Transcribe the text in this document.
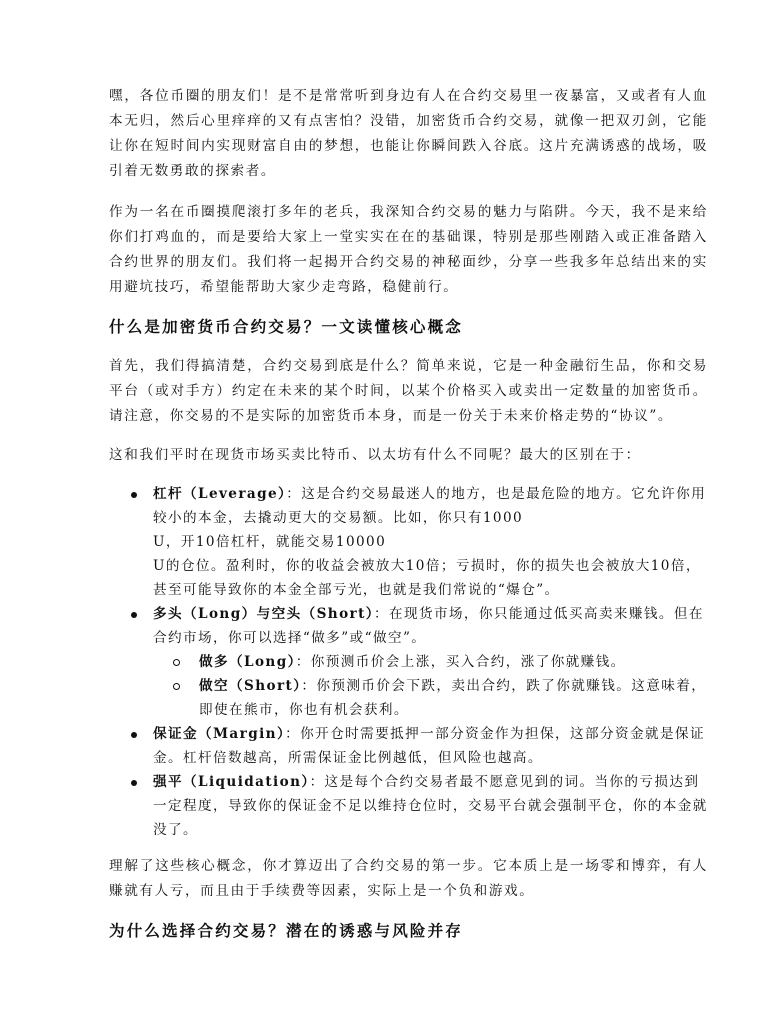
嘿，各位币圈的朋友们！是不是常常听到身边有人在合约交易里一夜暴富，又或者有人血本无归，然后心里痒痒的又有点害怕？没错，加密货币合约交易，就像一把双刃剑，它能让你在短时间内实现财富自由的梦想，也能让你瞬间跌入谷底。这片充满诱惑的战场，吸引着无数勇敢的探索者。

作为一名在币圈摸爬滚打多年的老兵，我深知合约交易的魅力与陷阱。今天，我不是来给你们打鸡血的，而是要给大家上一堂实实在在的基础课，特别是那些刚踏入或正准备踏入合约世界的朋友们。我们将一起揭开合约交易的神秘面纱，分享一些我多年总结出来的实用避坑技巧，希望能帮助大家少走弯路，稳健前行。

什么是加密货币合约交易？一文读懂核心概念

首先，我们得搞清楚，合约交易到底是什么？简单来说，它是一种金融衍生品，你和交易平台（或对手方）约定在未来的某个时间，以某个价格买入或卖出一定数量的加密货币。请注意，你交易的不是实际的加密货币本身，而是一份关于未来价格走势的“协议”。

这和我们平时在现货市场买卖比特币、以太坊有什么不同呢？最大的区别在于：

杠杆（Leverage）：这是合约交易最迷人的地方，也是最危险的地方。它允许你用较小的本金，去撬动更大的交易额。比如，你只有1000
U，开10倍杠杆，就能交易10000
U的仓位。盈利时，你的收益会被放大10倍；亏损时，你的损失也会被放大10倍，甚至可能导致你的本金全部亏光，也就是我们常说的“爆仓”。
多头（Long）与空头（Short）：在现货市场，你只能通过低买高卖来赚钱。但在合约市场，你可以选择“做多”或“做空”。
做多（Long）：你预测币价会上涨，买入合约，涨了你就赚钱。
做空（Short）：你预测币价会下跌，卖出合约，跌了你就赚钱。这意味着，即使在熊市，你也有机会获利。
保证金（Margin）：你开仓时需要抵押一部分资金作为担保，这部分资金就是保证金。杠杆倍数越高，所需保证金比例越低，但风险也越高。
强平（Liquidation）：这是每个合约交易者最不愿意见到的词。当你的亏损达到一定程度，导致你的保证金不足以维持仓位时，交易平台就会强制平仓，你的本金就没了。

理解了这些核心概念，你才算迈出了合约交易的第一步。它本质上是一场零和博弈，有人赚就有人亏，而且由于手续费等因素，实际上是一个负和游戏。

为什么选择合约交易？潜在的诱惑与风险并存
